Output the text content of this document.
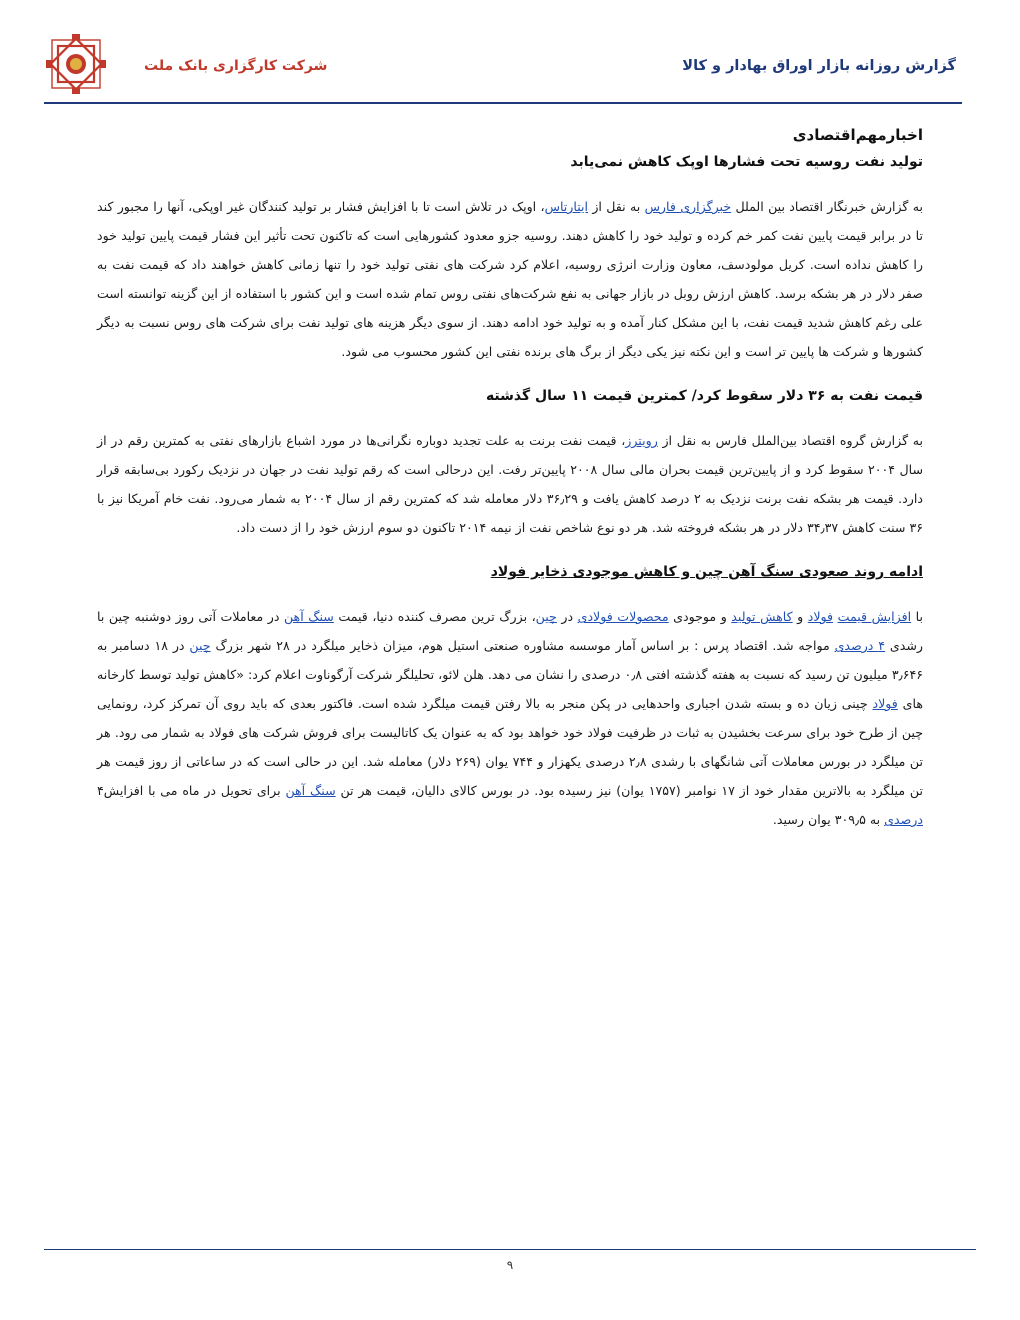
گزارش روزانه بازار اوراق بهادار و کالا
شرکت کارگزاری بانک ملت
اخبارمهم‌اقتصادی
تولید نفت روسیه تحت فشارها اوپک کاهش نمی‌یابد

به گزارش خبرنگار اقتصاد بین الملل خبرگزاری فارس به نقل از ایتارتاس، اوپک در تلاش است تا با افزایش فشار بر تولید کنندگان غیر اوپکی، آنها را مجبور کند تا در برابر قیمت پایین نفت کمر خم کرده و تولید خود را کاهش دهند. روسیه جزو معدود کشورهایی است که تاکنون تحت تأثیر این فشار قیمت پایین تولید خود را کاهش نداده است. کریل مولودسف، معاون وزارت انرژی روسیه، اعلام کرد شرکت های نفتی تولید خود را تنها زمانی کاهش خواهند داد که قیمت نفت به صفر دلار در هر بشکه برسد. کاهش ارزش روبل در بازار جهانی به نفع شرکت‌های نفتی روس تمام شده است و این کشور با استفاده از این گزینه توانسته است علی رغم کاهش شدید قیمت نفت، با این مشکل کنار آمده و به تولید خود ادامه دهند. از سوی دیگر هزینه های تولید نفت برای شرکت های روس نسبت به دیگر کشورها و شرکت ها پایین تر است و این نکته نیز یکی دیگر از برگ های برنده نفتی این کشور محسوب می شود.

قیمت نفت به ۳۶ دلار سقوط کرد/ کمترین قیمت ۱۱ سال گذشته

به گزارش گروه اقتصاد بین‌الملل فارس به نقل از رویترز، قیمت نفت برنت به علت تجدید دوباره نگرانی‌ها در مورد اشباع بازارهای نفتی به کمترین رقم در از سال ۲۰۰۴ سقوط کرد و از پایین‌ترین قیمت بحران مالی سال ۲۰۰۸ پایین‌تر رفت. این درحالی است که رقم تولید نفت در جهان در نزدیک رکورد بی‌سابقه قرار دارد. قیمت هر بشکه نفت برنت نزدیک به ۲ درصد کاهش یافت و ۳۶٫۲۹ دلار معامله شد که کمترین رقم از سال ۲۰۰۴ به شمار می‌رود. نفت خام آمریکا نیز با ۳۶ سنت کاهش ۳۴٫۳۷ دلار در هر بشکه فروخته شد. هر دو نوع شاخص نفت از نیمه ۲۰۱۴ تاکنون دو سوم ارزش خود را از دست داد.

ادامه روند صعودی سنگ آهن چین و کاهش موجودی ذخایر فولاد

با افزایش قیمت فولاد و کاهش تولید و موجودی محصولات فولادی در چین، بزرگ ترین مصرف کننده دنیا، قیمت سنگ آهن در معاملات آتی روز دوشنبه چین با رشدی ۴ درصدی مواجه شد. اقتصاد پرس : بر اساس آمار موسسه مشاوره صنعتی استیل هوم، میزان ذخایر میلگرد در ۲۸ شهر بزرگ چین در ۱۸ دسامبر به ۳٫۶۴۶ میلیون تن رسید که نسبت به هفته گذشته افتی ۰٫۸ درصدی را نشان می دهد. هلن لائو، تحلیلگر شرکت آرگوناوت اعلام کرد: «کاهش تولید توسط کارخانه های فولاد چینی زیان ده و بسته شدن اجباری واحدهایی در پکن منجر به بالا رفتن قیمت میلگرد شده است. فاکتور بعدی که باید روی آن تمرکز کرد، رونمایی چین از طرح خود برای سرعت بخشیدن به ثبات در ظرفیت فولاد خود خواهد بود که به عنوان یک کاتالیست برای فروش شرکت های فولاد به شمار می رود. هر تن میلگرد در بورس معاملات آتی شانگهای با رشدی ۲٫۸ درصدی یکهزار و ۷۴۴ یوان (۲۶۹ دلار) معامله شد. این در حالی است که در ساعاتی از روز قیمت هر تن میلگرد به بالاترین مقدار خود از ۱۷ نوامبر (۱۷۵۷ یوان) نیز رسیده بود. در بورس کالای دالیان، قیمت هر تن سنگ آهن برای تحویل در ماه می با افزایش۴ درصدی به ۳۰۹٫۵ یوان رسید.

۹
